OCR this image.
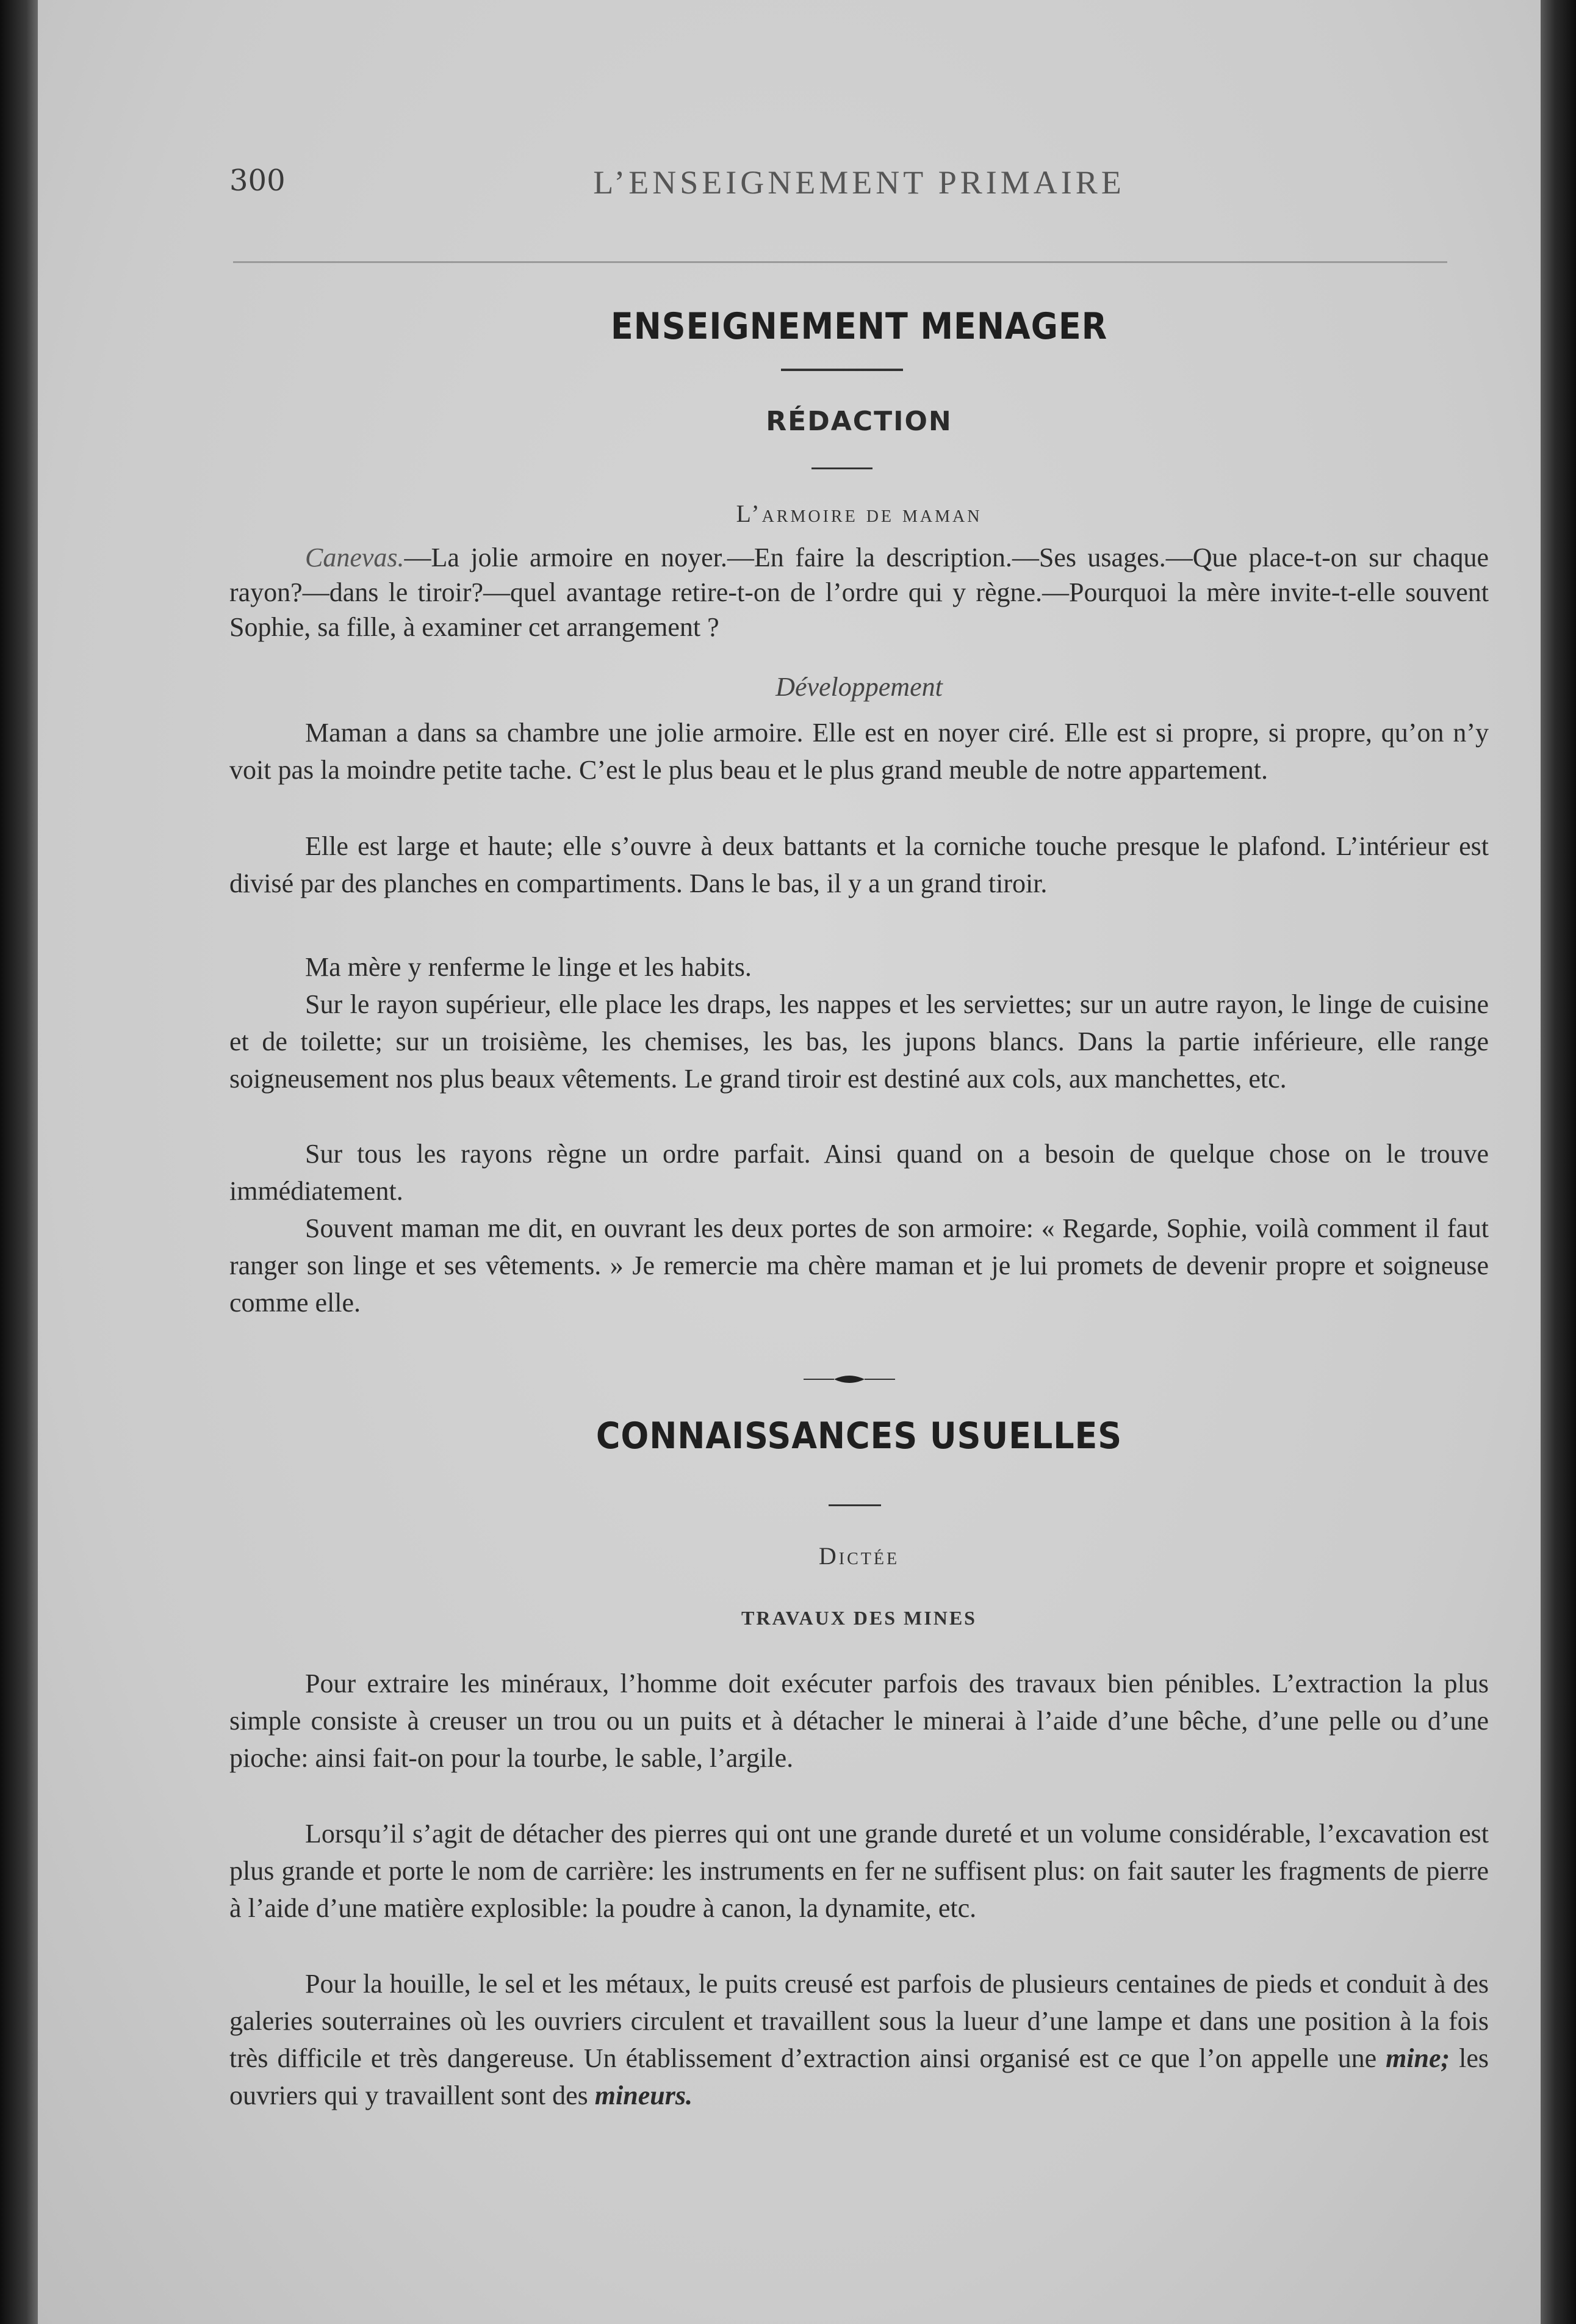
300	L’ENSEIGNEMENT PRIMAIRE
ENSEIGNEMENT MENAGER
RÉDACTION
L’armoire de maman

Canevas.—La jolie armoire en noyer.—En faire la description.—Ses usages.—Que place-t-on sur chaque rayon?—dans le tiroir?—quel avantage retire-t-on de l’ordre qui y règne.—Pourquoi la mère invite-t-elle souvent Sophie, sa fille, à examiner cet arrangement ?

Développement

Maman a dans sa chambre une jolie armoire. Elle est en noyer ciré. Elle est si propre, si propre, qu’on n’y voit pas la moindre petite tache. C’est le plus beau et le plus grand meuble de notre appartement.

Elle est large et haute; elle s’ouvre à deux battants et la corniche touche presque le plafond. L’intérieur est divisé par des planches en compartiments. Dans le bas, il y a un grand tiroir.

Ma mère y renferme le linge et les habits.

Sur le rayon supérieur, elle place les draps, les nappes et les serviettes; sur un autre rayon, le linge de cuisine et de toilette; sur un troisième, les chemises, les bas, les jupons blancs. Dans la partie inférieure, elle range soigneusement nos plus beaux vêtements. Le grand tiroir est destiné aux cols, aux manchettes, etc.

Sur tous les rayons règne un ordre parfait. Ainsi quand on a besoin de quelque chose on le trouve immédiatement.

Souvent maman me dit, en ouvrant les deux portes de son armoire: « Regarde, Sophie, voilà comment il faut ranger son linge et ses vêtements. » Je remercie ma chère maman et je lui promets de devenir propre et soigneuse comme elle.

CONNAISSANCES USUELLES
Dictée
TRAVAUX DES MINES

Pour extraire les minéraux, l’homme doit exécuter parfois des travaux bien pénibles. L’extraction la plus simple consiste à creuser un trou ou un puits et à détacher le minerai à l’aide d’une bêche, d’une pelle ou d’une pioche: ainsi fait-on pour la tourbe, le sable, l’argile.

Lorsqu’il s’agit de détacher des pierres qui ont une grande dureté et un volume considérable, l’excavation est plus grande et porte le nom de carrière: les instruments en fer ne suffisent plus: on fait sauter les fragments de pierre à l’aide d’une matière explosible: la poudre à canon, la dynamite, etc.

Pour la houille, le sel et les métaux, le puits creusé est parfois de plusieurs centaines de pieds et conduit à des galeries souterraines où les ouvriers circulent et travaillent sous la lueur d’une lampe et dans une position à la fois très difficile et très dangereuse. Un établissement d’extraction ainsi organisé est ce que l’on appelle une mine; les ouvriers qui y travaillent sont des mineurs.
